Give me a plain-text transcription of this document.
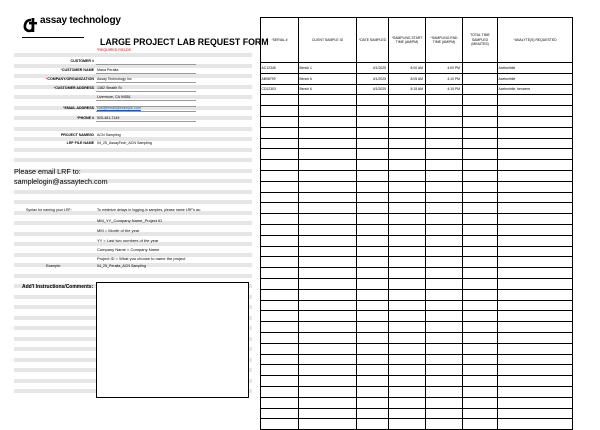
assay technology
LARGE PROJECT LAB REQUEST FORM
*REQUIRED FIELDS
CUSTOMER #
*CUSTOMER NAME Mana Peralta
*COMPANY/ORGANIZATION Assay Technology Inc
*CUSTOMER ADDRESS 1382 Stealth St
Livermore, CA 94551
*EMAIL ADDRESS cust@email@example.com
*PHONE # 925-461-7149
PROJECT NAME/ID ACN Sampling
LRF FILE NAME 04_25_AssayTech_ACN Sampling
Please email LRF to:
samplelogin@assaytech.com
Syntax for naming your LRF:	To minimize delays in logging-in samples, please name LRF's as:
MM_YY_Company Name_Project ID
MM = Month of the year
YY = Last two numbers of the year
Company Name = Company Name
Project ID = What you choose to name the project
Example:	04_25_Peralta_ACN Sampling
Add'l Instructions/Comments:
*SERIAL #	CLIENT SAMPLE ID	*DATE SAMPLED	*SAMPLING START TIME (AM/PM)	*SAMPLING END TIME (AM/PM)	TOTAL TIME SAMPLED (MINUTES)	*ANALYTE(S) REQUESTED
AC12345	Bench 1	4/1/2025	8:00 AM	4:00 PM		Acetonitrile
AB98799	Bench 6	4/1/2025	8:05 AM	4:10 PM		Acetonitrile
CD12303	Bench 6	4/1/2025	8:15 AM	4:15 PM		Acetonitrile, benzene
